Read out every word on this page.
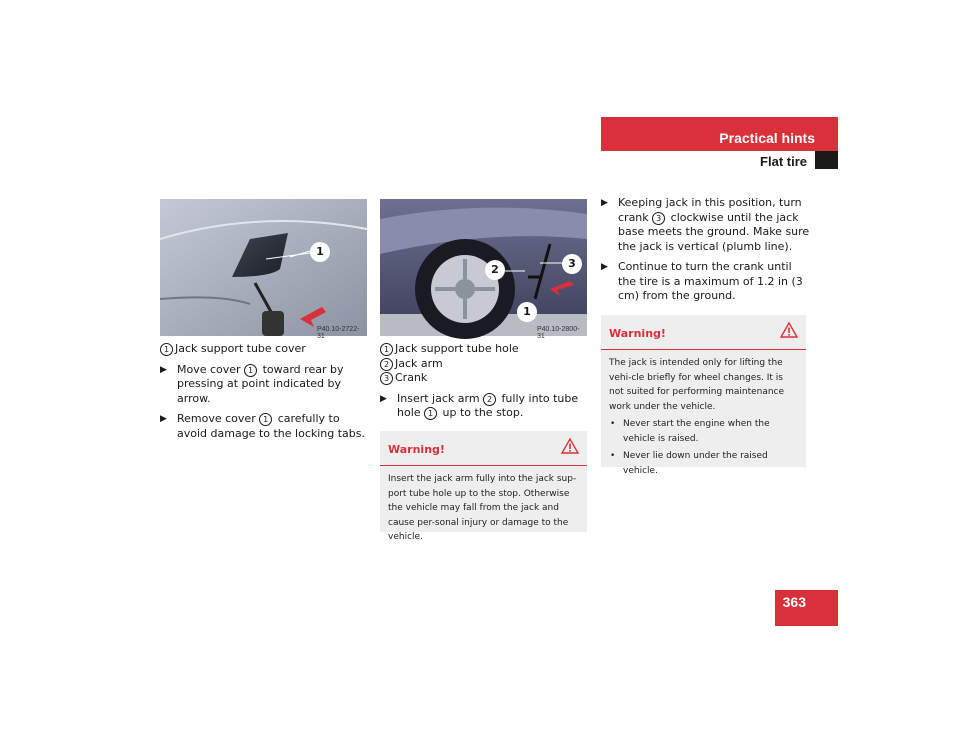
Practical hints
Flat tire
1
P40.10-2722-31

1 Jack support tube cover

▶ Move cover 1 toward rear by pressing at point indicated by arrow.
▶ Remove cover 1 carefully to avoid damage to the locking tabs.
2	3
1
P40.10-2800-31

1 Jack support tube hole

2 Jack arm

3 Crank

▶ Insert jack arm 2 fully into tube hole 1 up to the stop.
Warning!
Insert the jack arm fully into the jack sup-port tube hole up to the stop. Otherwise the vehicle may fall from the jack and cause per-sonal injury or damage to the vehicle.
▶ Keeping jack in this position, turn crank 3 clockwise until the jack base meets the ground. Make sure the jack is vertical (plumb line).
▶ Continue to turn the crank until the tire is a maximum of 1.2 in (3 cm) from the ground.
Warning!
The jack is intended only for lifting the vehi-cle briefly for wheel changes. It is not suited for performing maintenance work under the vehicle.
• Never start the engine when the vehicle is raised.
• Never lie down under the raised vehicle.
363
